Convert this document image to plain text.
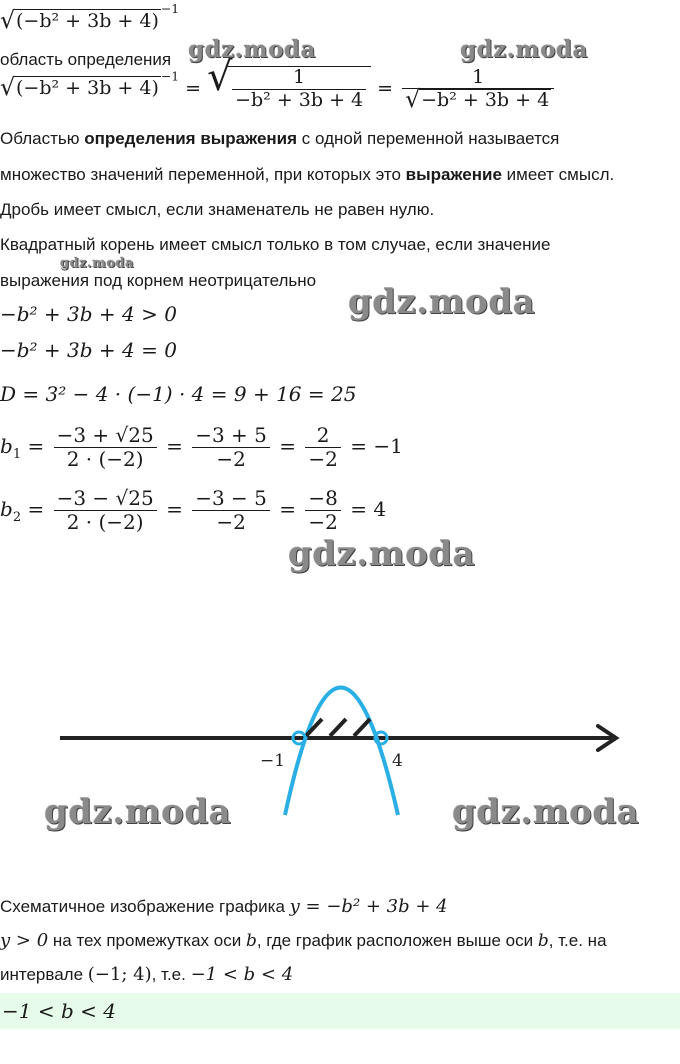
√ $(-b^2 + 3b + 4)^{-1}$
область определения
√ $(-b^2 + 3b + 4)^{-1}$ = √ $\frac{1}{\text{−b² + 3b + 4}} = \frac{1}{\text{√ −b² + 3b + 4}}$
Областью определения выражения с одной переменной называется
множество значений переменной, при которых это выражение имеет смысл.
Дробь имеет смысл, если знаменатель не равен нулю.
Квадратный корень имеет смысл только в том случае, если значение
выражения под корнем неотрицательно
−b² + 3b + 4 > 0
−b² + 3b + 4 = 0
D = 3² − 4 · (−1) · 4 = 9 + 16 = 25
$b_1 = \frac{-3 + √25}{2 \cdot (-2)} = \frac{-3 + 5}{-2} = \frac{2}{-2} = -1$
$b_2 = \frac{-3 - √25}{2 \cdot (-2)} = \frac{-3 - 5}{-2} = \frac{-8}{-2} = 4$
−1	4
gdz.moda	gdz.moda
gdz.moda
gdz.moda
gdz.moda
gdz.moda	gdz.moda
Схематичное изображение графика y = −b² + 3b + 4
y > 0 на тех промежутках оси b, где график расположен выше оси b, т.е. на
интервале (−1; 4), т.е. −1 < b < 4
−1 < b < 4
